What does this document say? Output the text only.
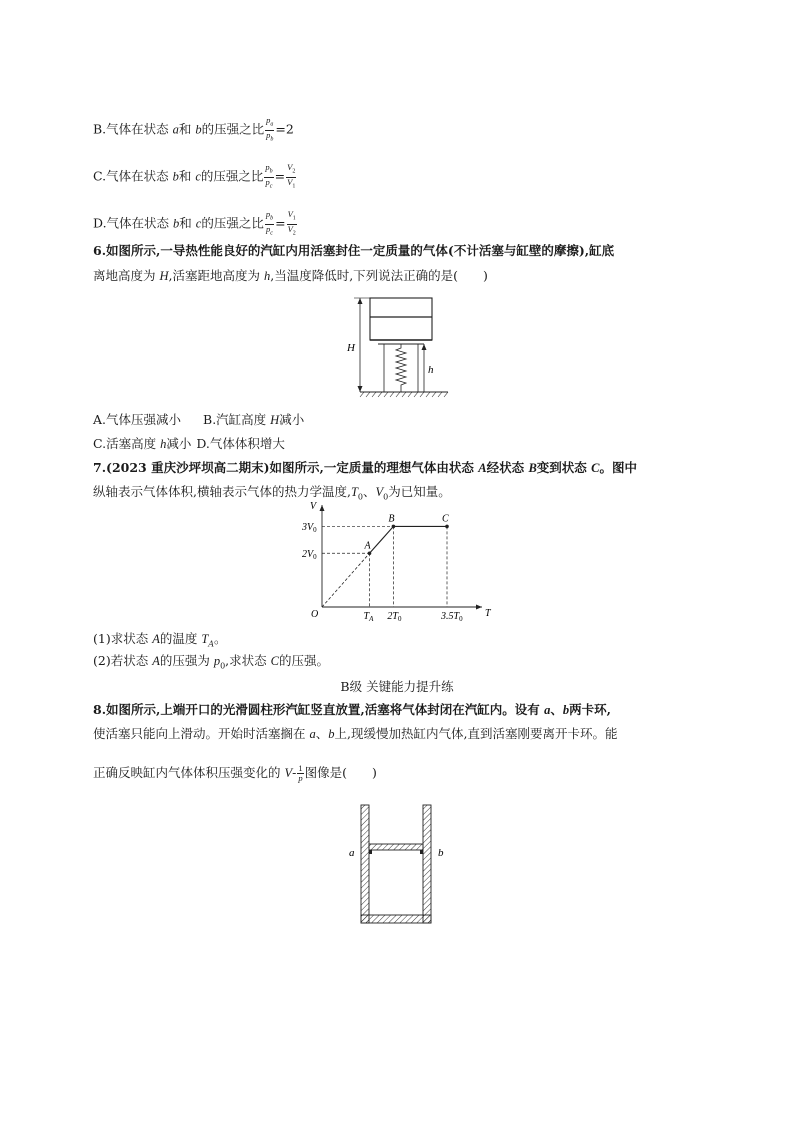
B.气体在状态 a和 b的压强之比 $\frac{p_a}{p_b} =2$
C.气体在状态 b和 c的压强之比 $\frac{p_b}{p_c} = \frac{V_2}{V_1}$
D.气体在状态 b和 c的压强之比 $\frac{p_b}{p_c} = \frac{V_1}{V_2}$
6.如图所示,一导热性能良好的汽缸内用活塞封住一定质量的气体(不计活塞与缸壁的摩擦),缸底
离地高度为 H,活塞距地高度为 h,当温度降低时,下列说法正确的是(　　)
H
h
A.气体压强减小 B.汽缸高度 H减小
C.活塞高度 h减小 D.气体体积增大
7.(2023 重庆沙坪坝高二期末)如图所示,一定质量的理想气体由状态 A经状态 B变到状态 C。图中
纵轴表示气体体积,横轴表示气体的热力学温度$,T_0$、$V_0$为已知量。
T
V
O
$3V_0$
$2V_0$
A
B	C
$T_A$ $2T_0$	$3.5T_0$
(1)求状态 A的温度 $T_A$。
(2)若状态 A的压强为 $p_0$,求状态 C的压强。
B级 关键能力提升练
8.如图所示,上端开口的光滑圆柱形汽缸竖直放置,活塞将气体封闭在汽缸内。设有 a、b两卡环,
使活塞只能向上滑动。开始时活塞搁在 a、b上,现缓慢加热缸内气体,直到活塞刚要离开卡环。能
正确反映缸内气体体积压强变化的 $V- \frac{1}{p}$ 图像是(　　)
a	b
